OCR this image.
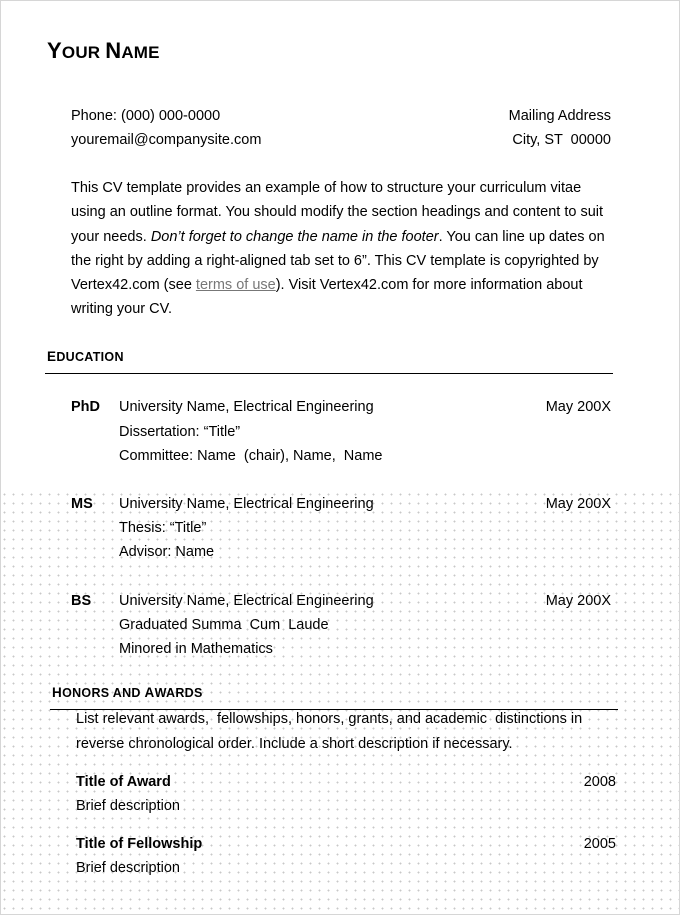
YOUR NAME
Phone: (000) 000-0000
youremail@companysite.com
Mailing Address
City, ST  00000
This CV template provides an example of how to structure your curriculum vitae using an outline format. You should modify the section headings and content to suit your needs. Don’t forget to change the name in the footer. You can line up dates on the right by adding a right-aligned tab set to 6”. This CV template is copyrighted by Vertex42.com (see terms of use). Visit Vertex42.com for more information about writing your CV.
EDUCATION
PhD University Name, Electrical Engineering
Dissertation: “Title”
Committee: Name  (chair), Name,  Name
May 200X
MS University Name, Electrical Engineering
Thesis: “Title”
Advisor: Name
May 200X
BS University Name, Electrical Engineering
Graduated Summa  Cum  Laude
Minored in Mathematics
May 200X
HONORS AND AWARDS
List relevant awards,  fellowships, honors, grants, and academic  distinctions in reverse chronological order. Include a short description if necessary.
Title of Award	2008
Brief description
Title of Fellowship	2005
Brief description
